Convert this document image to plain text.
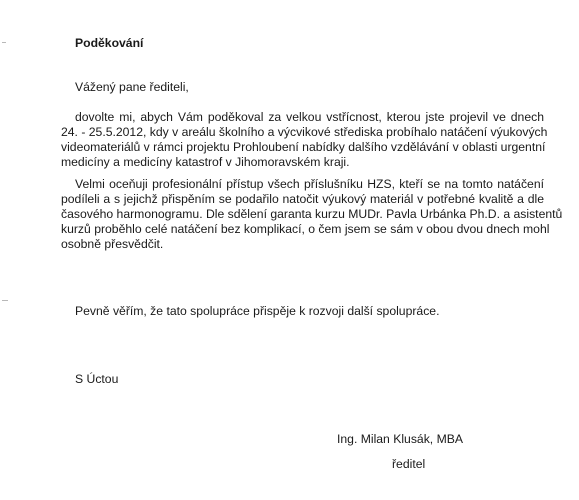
Poděkování

Vážený pane řediteli,

dovolte mi, abych Vám poděkoval za velkou vstřícnost, kterou jste projevil ve dnech
24. - 25.5.2012, kdy v areálu školního a výcvikové střediska probíhalo natáčení výukových
videomateriálů v rámci projektu Prohloubení nabídky dalšího vzdělávání v oblasti urgentní
medicíny a medicíny katastrof v Jihomoravském kraji.
Velmi oceňuji profesionální přístup všech příslušníku HZS, kteří se na tomto natáčení
podíleli a s jejichž přispěním se podařilo natočit výukový materiál v potřebné kvalitě a dle
časového harmonogramu. Dle sdělení garanta kurzu MUDr. Pavla Urbánka Ph.D. a asistentů
kurzů proběhlo celé natáčení bez komplikací, o čem jsem se sám v obou dvou dnech mohl
osobně přesvědčit.

Pevně věřím, že tato spolupráce přispěje k rozvoji další spolupráce.

S Úctou

Ing. Milan Klusák, MBA

ředitel
